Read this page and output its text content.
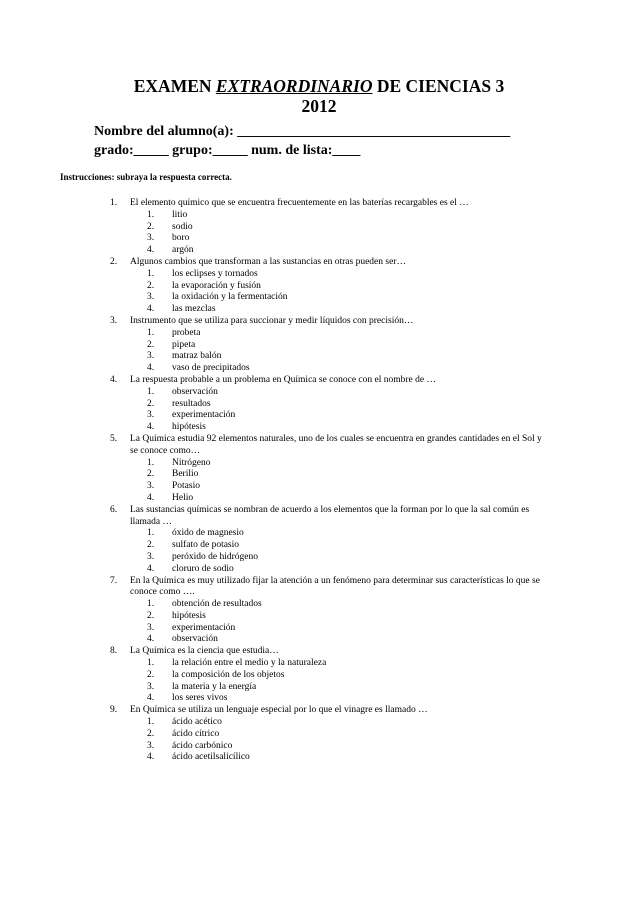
EXAMEN EXTRAORDINARIO DE CIENCIAS 3
2012
Nombre del alumno(a): _______________________________________
grado:_____ grupo:_____ num. de lista:____
Instrucciones: subraya la respuesta correcta.
1.	El elemento químico que se encuentra frecuentemente en las baterías recargables es el …
1. litio
2. sodio
3. boro
4. argón
2.	Algunos cambios que transforman a las sustancias en otras pueden ser…
1. los eclipses y tornados
2. la evaporación y fusión
3. la oxidación y la fermentación
4. las mezclas
3.	Instrumento que se utiliza para succionar y medir líquidos con precisión…
1. probeta
2. pipeta
3. matraz balón
4. vaso de precipitados
4.	La respuesta probable a un problema en Química se conoce con el nombre de …
1. observación
2. resultados
3. experimentación
4. hipótesis
5.	La Química estudia 92 elementos naturales, uno de los cuales se encuentra en grandes cantidades en el Sol y se conoce como…
1. Nitrógeno
2. Berilio
3. Potasio
4. Helio
6.	Las sustancias químicas se nombran de acuerdo a los elementos que la forman por lo que la sal común es llamada …
1. óxido de magnesio
2. sulfato de potasio
3. peróxido de hidrógeno
4. cloruro de sodio
7.	En la Química es muy utilizado fijar la atención a un fenómeno para determinar sus características lo que se conoce como ….
1. obtención de resultados
2. hipótesis
3. experimentación
4. observación
8.	La Química es la ciencia que estudia…
1. la relación entre el medio y la naturaleza
2. la composición de los objetos
3. la materia y la energía
4. los seres vivos
9.	En Química se utiliza un lenguaje especial por lo que el vinagre es llamado …
1. ácido acético
2. ácido cítrico
3. ácido carbónico
4. ácido acetilsalicílico
